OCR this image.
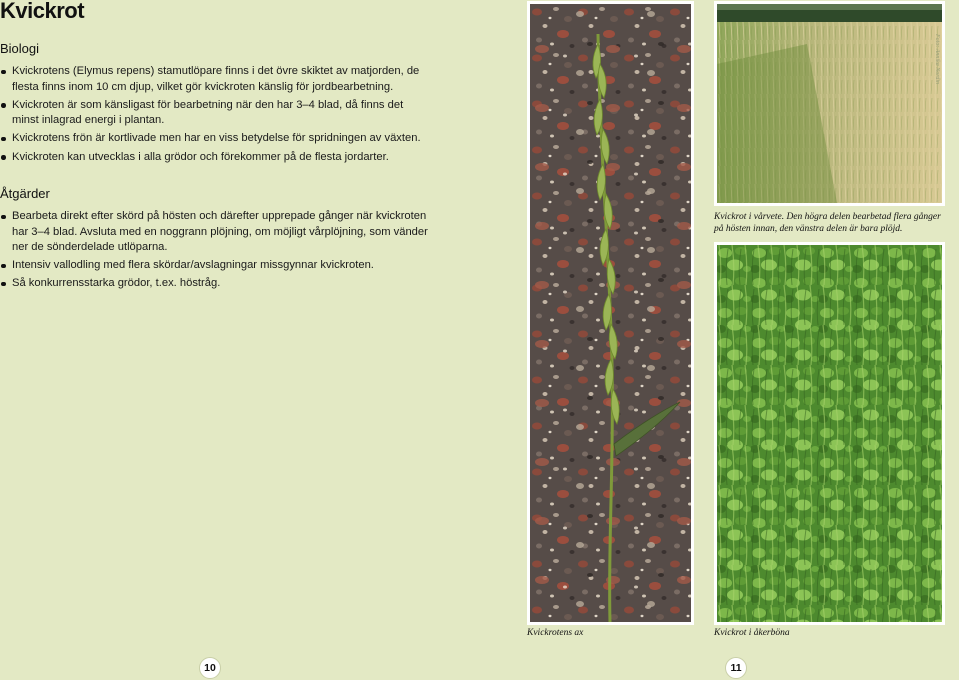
Kvickrot
Biologi
Kvickrotens (Elymus repens) stamutlöpare finns i det övre skiktet av matjorden, de flesta finns inom 10 cm djup, vilket gör kvickroten känslig för jordbearbetning.
Kvickroten är som känsligast för bearbetning när den har 3–4 blad, då finns det minst inlagrad energi i plantan.
Kvickrotens frön är kortlivade men har en viss betydelse för spridningen av växten.
Kvickroten kan utvecklas i alla grödor och förekommer på de flesta jordarter.
Åtgärder
Bearbeta direkt efter skörd på hösten och därefter upprepade gånger när kvickroten har 3–4 blad. Avsluta med en noggrann plöjning, om möjligt vårplöjning, som vänder ner de sönderdelade utlöparna.
Intensiv vallodling med flera skördar/avslagningar missgynnar kvickroten.
Så konkurrensstarka grödor, t.ex. höstråg.
Foto: Annika Nordin
Kvickrot i vårvete. Den högra delen bearbetad flera gånger på hösten innan, den vänstra delen är bara plöjd.
Kvickrotens ax	Kvickrot i åkerböna
10	11
